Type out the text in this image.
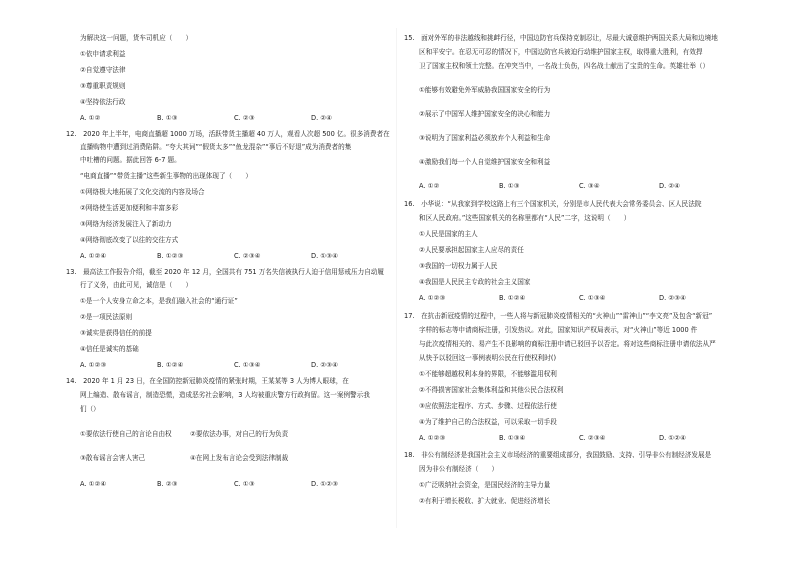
为解决这一问题，货车司机应（　　）
①依申请求利益
②自觉遵守法律
③尊重职责规则
④坚持依法行政
A. ①②	B. ①③	C. ②③	D. ②④
12.　2020 年上半年，电商直播超 1000 万场，活跃带货主播超 40 万人，观看人次超 500 亿。很多消费者在
直播购物中遭到过消费陷阱。“夸大其词”“假货太多”“鱼龙混杂”“事后不好退”成为消费者的集
中吐槽的问题。据此回答 6-7 题。
“电商直播”“带货主播”这些新生事物的出现体现了（　　）
①网络极大地拓展了文化交流的内容及场合
②网络使生活更加便利和丰富多彩
③网络为经济发展注入了新动力
④网络彻底改变了以往的交往方式
A. ①②④	B. ①②③	C. ②③④	D. ①③④
13.　最高法工作报告介绍，截至 2020 年 12 月，全国共有 751 万名失信被执行人迫于信用惩戒压力自动履
行了义务，由此可见，诚信是（　　）
①是一个人安身立命之本，是我们融入社会的“通行证”
②是一项民法原则
③诚实是获得信任的前提
④信任是诚实的基础
A. ①②③	B. ①②④	C. ①③④	D. ②③④
14.　2020 年 1 月 23 日，在全国防控新冠肺炎疫情的紧张时期，王某某等 3 人为博人眼球，在
网上编造、散布谣言，制造恐慌，造成恶劣社会影响，3 人均被重庆警方行政拘留。这一案例警示我
们（）
①要依法行使自己的言论自由权	②要依法办事，对自己的行为负责
③散布谣言会害人害己	④在网上发布言论会受到法律制裁
A. ①②④	B. ②③	C. ①③	D. ①②③
15.　面对外军的非法越线和挑衅行径，中国边防官兵保持克制忍让，尽最大诚意维护两国关系大局和边境地
区和平安宁。在忍无可忍的情况下，中国边防官兵被迫行动维护国家主权，取得重大胜利，有效捍
卫了国家主权和领土完整。在冲突当中，一名战士负伤，四名战士献出了宝贵的生命。英雄壮举（）
①能够有效避免外军威胁我国国家安全的行为
②展示了中国军人维护国家安全的决心和能力
③说明为了国家利益必须放弃个人利益和生命
④激励我们每一个人自觉维护国家安全和利益
A. ①②	B. ①③	C. ③④	D. ②④
16.　小华说：“从我家到学校这路上有三个国家机关，分别是市人民代表大会常务委员会、区人民法院
和区人民政府。”这些国家机关的名称里都有“人民”二字，这说明（　　）
①人民是国家的主人
②人民要承担起国家主人应尽的责任
③我国的一切权力属于人民
④我国是人民民主专政的社会主义国家
A. ①②③	B. ①②④	C. ①③④	D. ②③④
17.　在抗击新冠疫情的过程中，一些人将与新冠肺炎疫情相关的“火神山”“雷神山”“李文亮”及包含“新冠”
字样的标志等申请商标注册，引发热议。对此，国家知识产权局表示，对“火神山”等近 1000 件
与此次疫情相关的、易产生不良影响的商标注册申请已驳回予以否定。将对这些商标注册申请依法从严
从快予以驳回这一事例表明公民在行使权利时()
①不能够超越权利本身的界限，不能够滥用权利
②不得损害国家社会集体利益和其他公民合法权利
③应依照法定程序、方式、步骤、过程依法行使
④为了维护自己的合法权益，可以采取一切手段
A. ①②③	B. ①③④	C. ②③④	D. ①②④
18.　非公有制经济是我国社会主义市场经济的重要组成部分，我国鼓励、支持、引导非公有制经济发展是
因为非公有制经济（　　）
①广泛吸纳社会资金，是国民经济的主导力量
②有利于增长税收、扩大就业、促进经济增长
